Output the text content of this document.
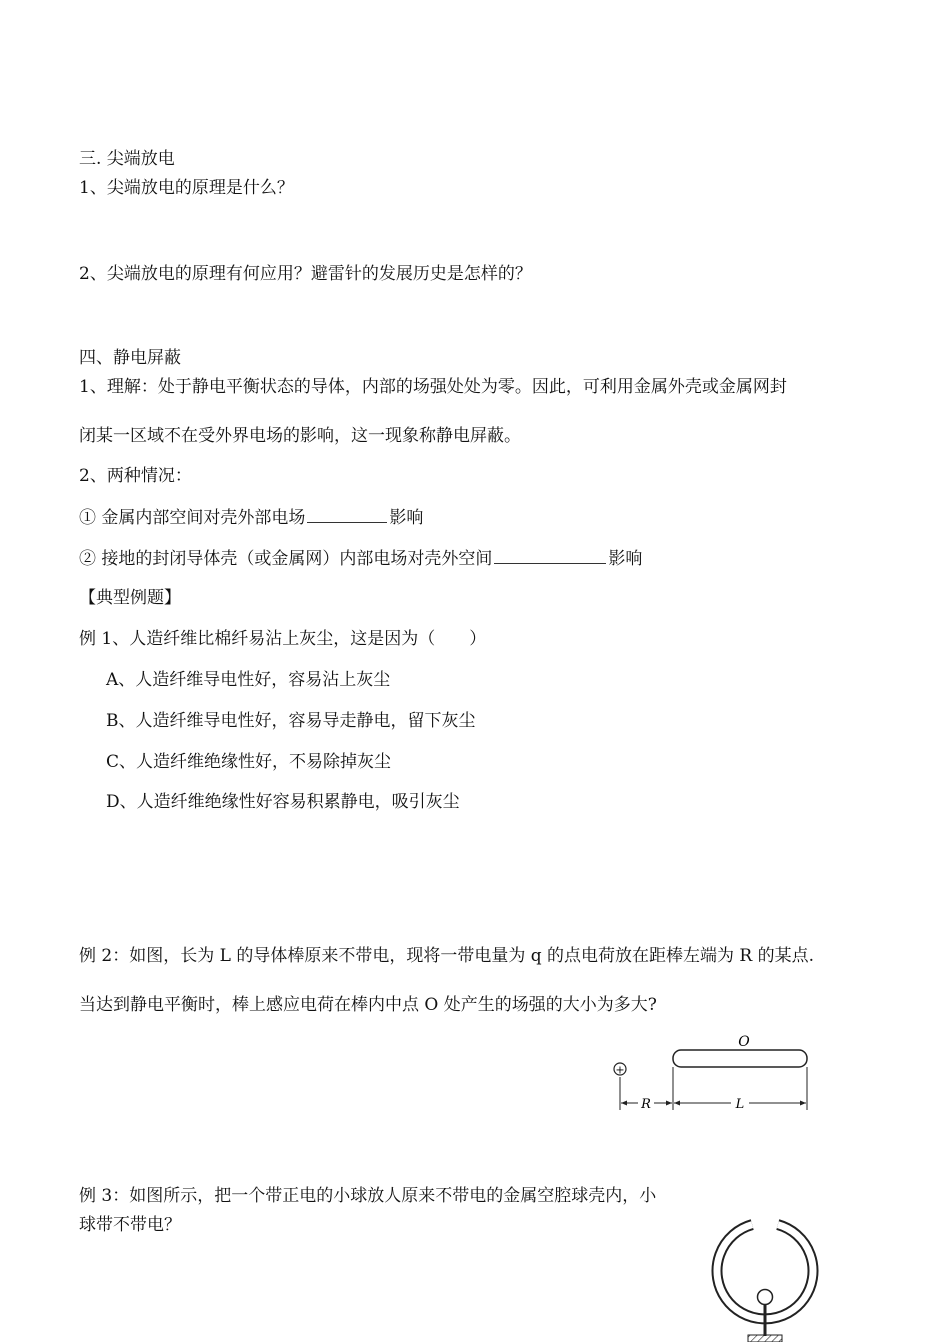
三. 尖端放电
1、尖端放电的原理是什么？
2、尖端放电的原理有何应用？避雷针的发展历史是怎样的？
四、静电屏蔽
1、理解：处于静电平衡状态的导体，内部的场强处处为零。因此，可利用金属外壳或金属网封
闭某一区域不在受外界电场的影响，这一现象称静电屏蔽。
2、两种情况：
① 金属内部空间对壳外部电场	影响
② 接地的封闭导体壳（或金属网）内部电场对壳外空间	影响
【典型例题】
例 1、人造纤维比棉纤易沾上灰尘，这是因为（　　）
A、人造纤维导电性好，容易沾上灰尘
B、人造纤维导电性好，容易导走静电，留下灰尘
C、人造纤维绝缘性好，不易除掉灰尘
D、人造纤维绝缘性好容易积累静电，吸引灰尘
例 2：如图，长为 L 的导体棒原来不带电，现将一带电量为 q 的点电荷放在距棒左端为 R 的某点.
当达到静电平衡时，棒上感应电荷在棒内中点 O 处产生的场强的大小为多大?
O
+
R	L
例 3：如图所示，把一个带正电的小球放人原来不带电的金属空腔球壳内，小
球带不带电？
